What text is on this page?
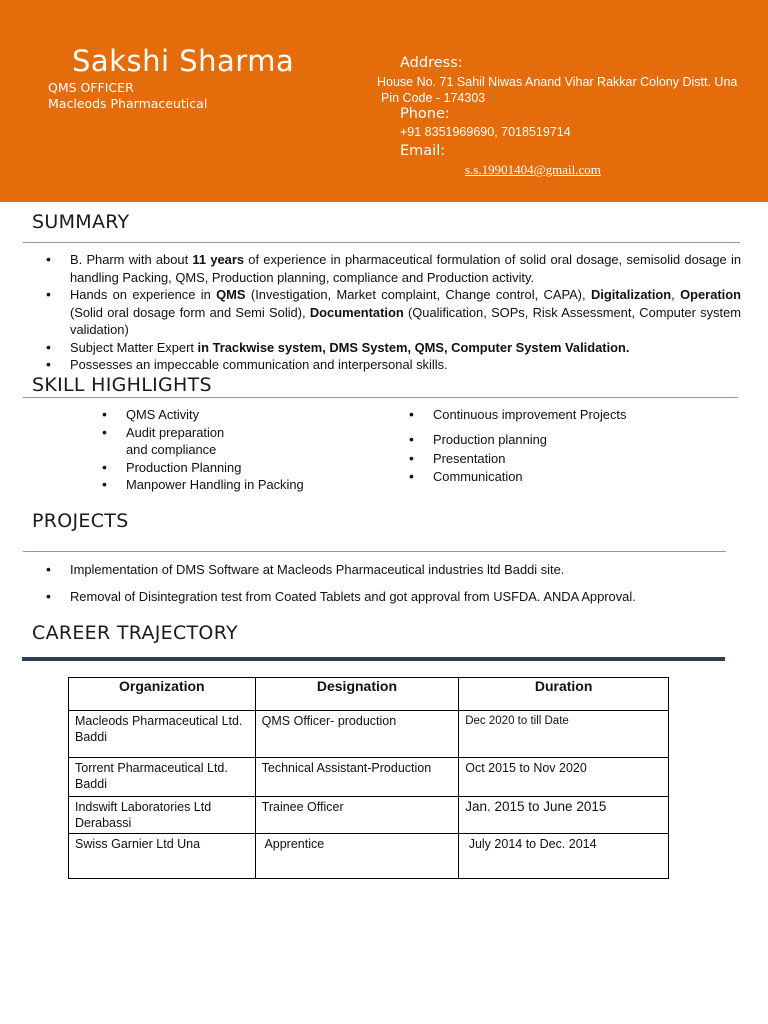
Sakshi Sharma
QMS OFFICER
Macleods Pharmaceutical
Address:
House No. 71 Sahil Niwas Anand Vihar Rakkar Colony Distt. Una
Pin Code - 174303
Phone:
+91 8351969690, 7018519714
Email:
s.s.19901404@gmail.com
SUMMARY
• B. Pharm with about 11 years of experience in pharmaceutical formulation of solid oral dosage, semisolid dosage in handling Packing, QMS, Production planning, compliance and Production activity.
• Hands on experience in QMS (Investigation, Market complaint, Change control, CAPA), Digitalization, Operation (Solid oral dosage form and Semi Solid), Documentation (Qualification, SOPs, Risk Assessment, Computer system validation)
• Subject Matter Expert in Trackwise system, DMS System, QMS, Computer System Validation.
• Possesses an impeccable communication and interpersonal skills.
SKILL HIGHLIGHTS
• QMS Activity
• Audit preparation
and compliance
• Production Planning
• Manpower Handling in Packing
• Continuous improvement Projects
• Production planning
• Presentation
• Communication
PROJECTS
• Implementation of DMS Software at Macleods Pharmaceutical industries ltd Baddi site.
• Removal of Disintegration test from Coated Tablets and got approval from USFDA. ANDA Approval.
CAREER TRAJECTORY
Organization	Designation	Duration
Macleods Pharmaceutical Ltd. Baddi	QMS Officer- production	Dec 2020 to till Date
Torrent Pharmaceutical Ltd. Baddi	Technical Assistant-Production	Oct 2015 to Nov 2020
Indswift Laboratories Ltd Derabassi	Trainee Officer	Jan. 2015 to June 2015
Swiss Garnier Ltd Una	Apprentice	July 2014 to Dec. 2014
